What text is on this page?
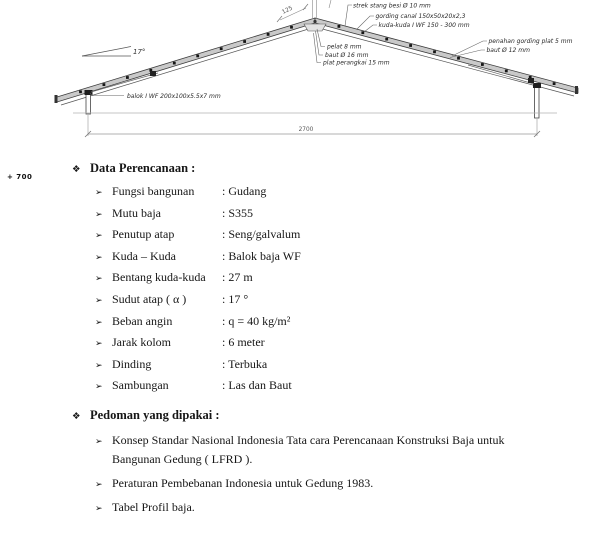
2700
125
17°
strek stang besi Ø 10 mm
gording canal 150x50x20x2,3
kuda-kuda I WF 150 - 300 mm
penahan gording plat 5 mm
baut Ø 12 mm
pelat 8 mm
baut Ø 16 mm
plat perangkai 15 mm
balok I WF 200x100x5.5x7 mm
+ 700
❖ Data Perencanaan :
➢ Fungsi bangunan	: Gudang
➢ Mutu baja	: S355
➢ Penutup atap	: Seng/galvalum
➢ Kuda – Kuda	: Balok baja WF
➢ Bentang kuda-kuda	: 27 m
➢ Sudut atap ( α )	: 17 °
➢ Beban angin	: q = 40 kg/m²
➢ Jarak kolom	: 6 meter
➢ Dinding	: Terbuka
➢ Sambungan	: Las dan Baut
❖ Pedoman yang dipakai :
➢ Konsep Standar Nasional Indonesia Tata cara Perencanaan Konstruksi Baja untuk Bangunan Gedung ( LFRD ).
➢ Peraturan Pembebanan Indonesia untuk Gedung 1983.
➢ Tabel Profil baja.
